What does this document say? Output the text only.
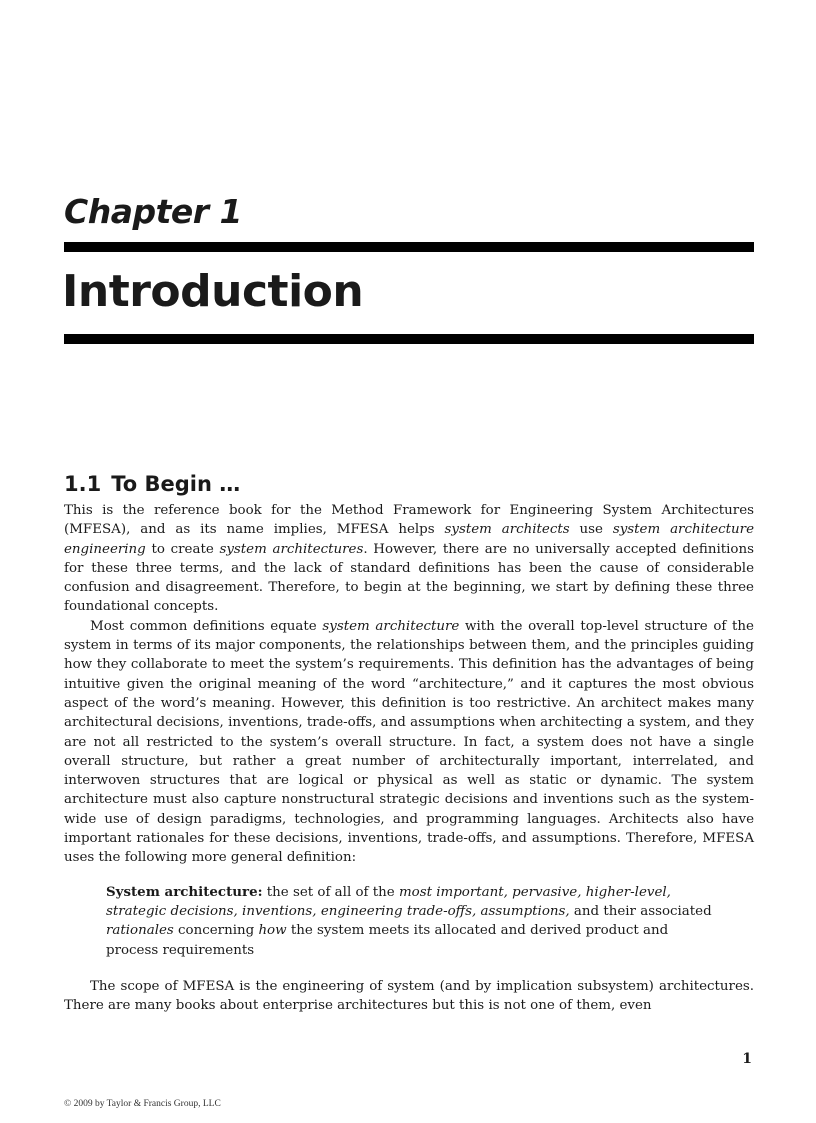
Chapter 1
Introduction
1.1 To Begin …

This is the reference book for the Method Framework for Engineering System Architectures (MFESA), and as its name implies, MFESA helps system architects use system architecture engineering to create system architectures. However, there are no universally accepted definitions for these three terms, and the lack of standard definitions has been the cause of considerable confusion and disagreement. Therefore, to begin at the beginning, we start by defining these three foundational concepts.

Most common definitions equate system architecture with the overall top-level structure of the system in terms of its major components, the relationships between them, and the principles guiding how they collaborate to meet the system’s requirements. This definition has the advantages of being intuitive given the original meaning of the word “architecture,” and it captures the most obvious aspect of the word’s meaning. However, this definition is too restrictive. An architect makes many architectural decisions, inventions, trade-offs, and assumptions when architecting a system, and they are not all restricted to the system’s overall structure. In fact, a system does not have a single overall structure, but rather a great number of architecturally important, interrelated, and interwoven structures that are logical or physical as well as static or dynamic. The system architecture must also capture nonstructural strategic decisions and inventions such as the system-wide use of design paradigms, technologies, and programming languages. Architects also have important rationales for these decisions, inventions, trade-offs, and assumptions. Therefore, MFESA uses the following more general definition:

System architecture: the set of all of the most important, pervasive, higher-level, strategic decisions, inventions, engineering trade-offs, assumptions, and their associated rationales concerning how the system meets its allocated and derived product and process requirements

The scope of MFESA is the engineering of system (and by implication subsystem) architectures. There are many books about enterprise architectures but this is not one of them, even

1
© 2009 by Taylor & Francis Group, LLC
